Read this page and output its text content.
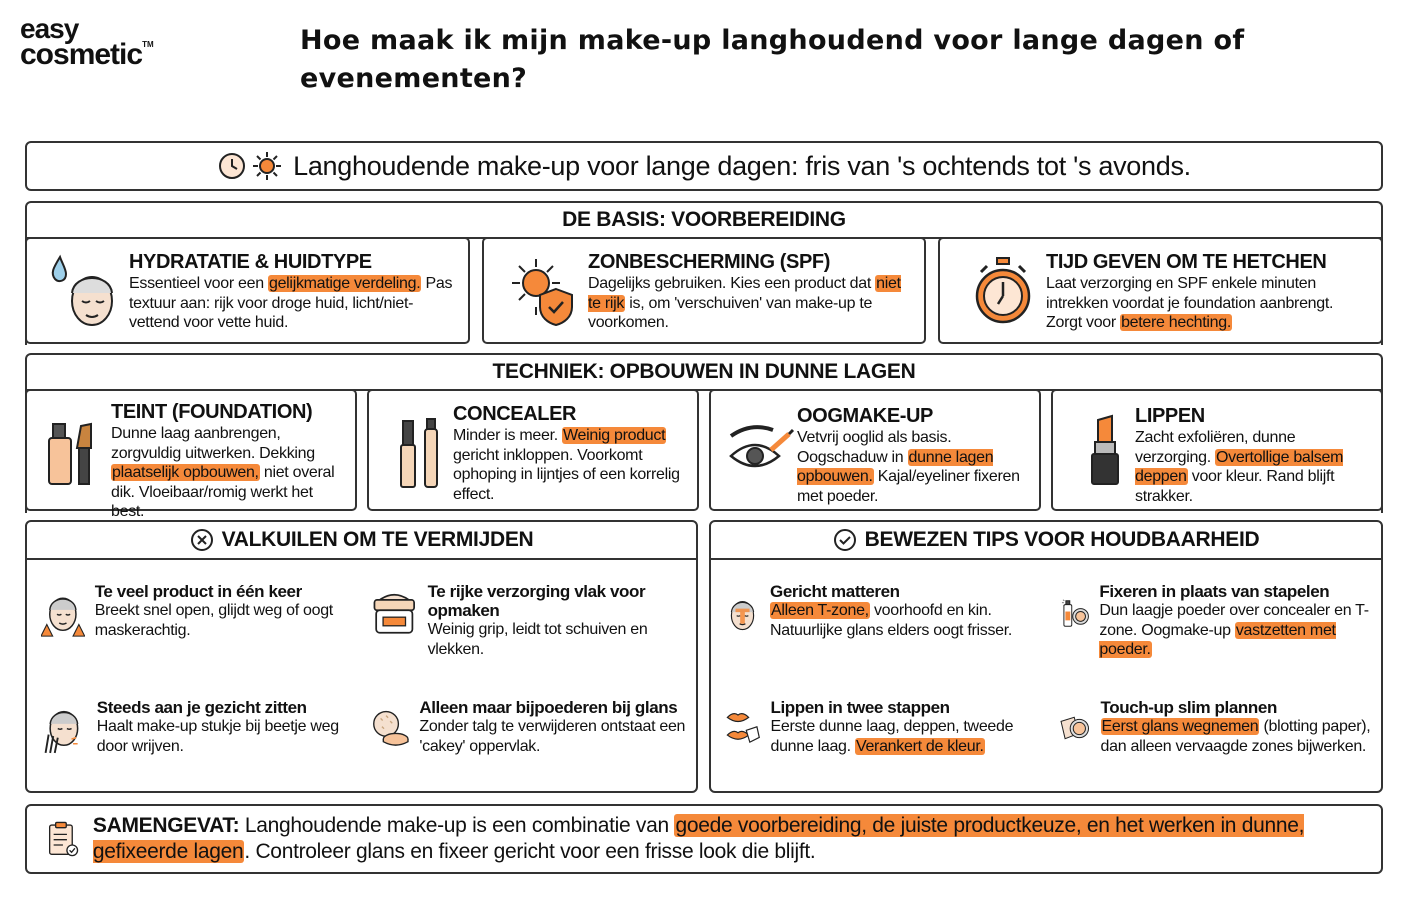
easy
cosmetic™	Hoe maak ik mijn make-up langhoudend voor lange dagen of evenementen?
Langhoudende make-up voor lange dagen: fris van 's ochtends tot 's avonds.
DE BASIS: VOORBEREIDING
HYDRATATIE & HUIDTYPE

Essentieel voor een gelijkmatige verdeling. Pas textuur aan: rijk voor droge huid, licht/niet-vettend voor vette huid.

ZONBESCHERMING (SPF)

Dagelijks gebruiken. Kies een product dat niet te rijk is, om 'verschuiven' van make-up te voorkomen.

TIJD GEVEN OM TE HETCHEN

Laat verzorging en SPF enkele minuten intrekken voordat je foundation aanbrengt. Zorgt voor betere hechting.

TECHNIEK: OPBOUWEN IN DUNNE LAGEN
TEINT (FOUNDATION)

Dunne laag aanbrengen, zorgvuldig uitwerken. Dekking plaatselijk opbouwen, niet overal dik. Vloeibaar/romig werkt het best.

CONCEALER

Minder is meer. Weinig product gericht inkloppen. Voorkomt ophoping in lijntjes of een korrelig effect.

OOGMAKE-UP

Vetvrij ooglid als basis. Oogschaduw in dunne lagen opbouwen. Kajal/eyeliner fixeren met poeder.

LIPPEN

Zacht exfoliëren, dunne verzorging. Overtollige balsem deppen voor kleur. Rand blijft strakker.

VALKUILEN OM TE VERMIJDEN
Te veel product in één keer

Breekt snel open, glijdt weg of oogt maskerachtig.

Te rijke verzorging vlak voor opmaken

Weinig grip, leidt tot schuiven en vlekken.

Steeds aan je gezicht zitten

Haalt make-up stukje bij beetje weg door wrijven.

Alleen maar bijpoederen bij glans

Zonder talg te verwijderen ontstaat een 'cakey' oppervlak.

BEWEZEN TIPS VOOR HOUDBAARHEID
Gericht matteren

Alleen T-zone, voorhoofd en kin. Natuurlijke glans elders oogt frisser.

Fixeren in plaats van stapelen

Dun laagje poeder over concealer en T-zone. Oogmake-up vastzetten met poeder.

Lippen in twee stappen

Eerste dunne laag, deppen, tweede dunne laag. Verankert de kleur.

Touch-up slim plannen

Eerst glans wegnemen (blotting paper), dan alleen vervaagde zones bijwerken.

SAMENGEVAT: Langhoudende make-up is een combinatie van goede voorbereiding, de juiste productkeuze, en het werken in dunne, gefixeerde lagen. Controleer glans en fixeer gericht voor een frisse look die blijft.
